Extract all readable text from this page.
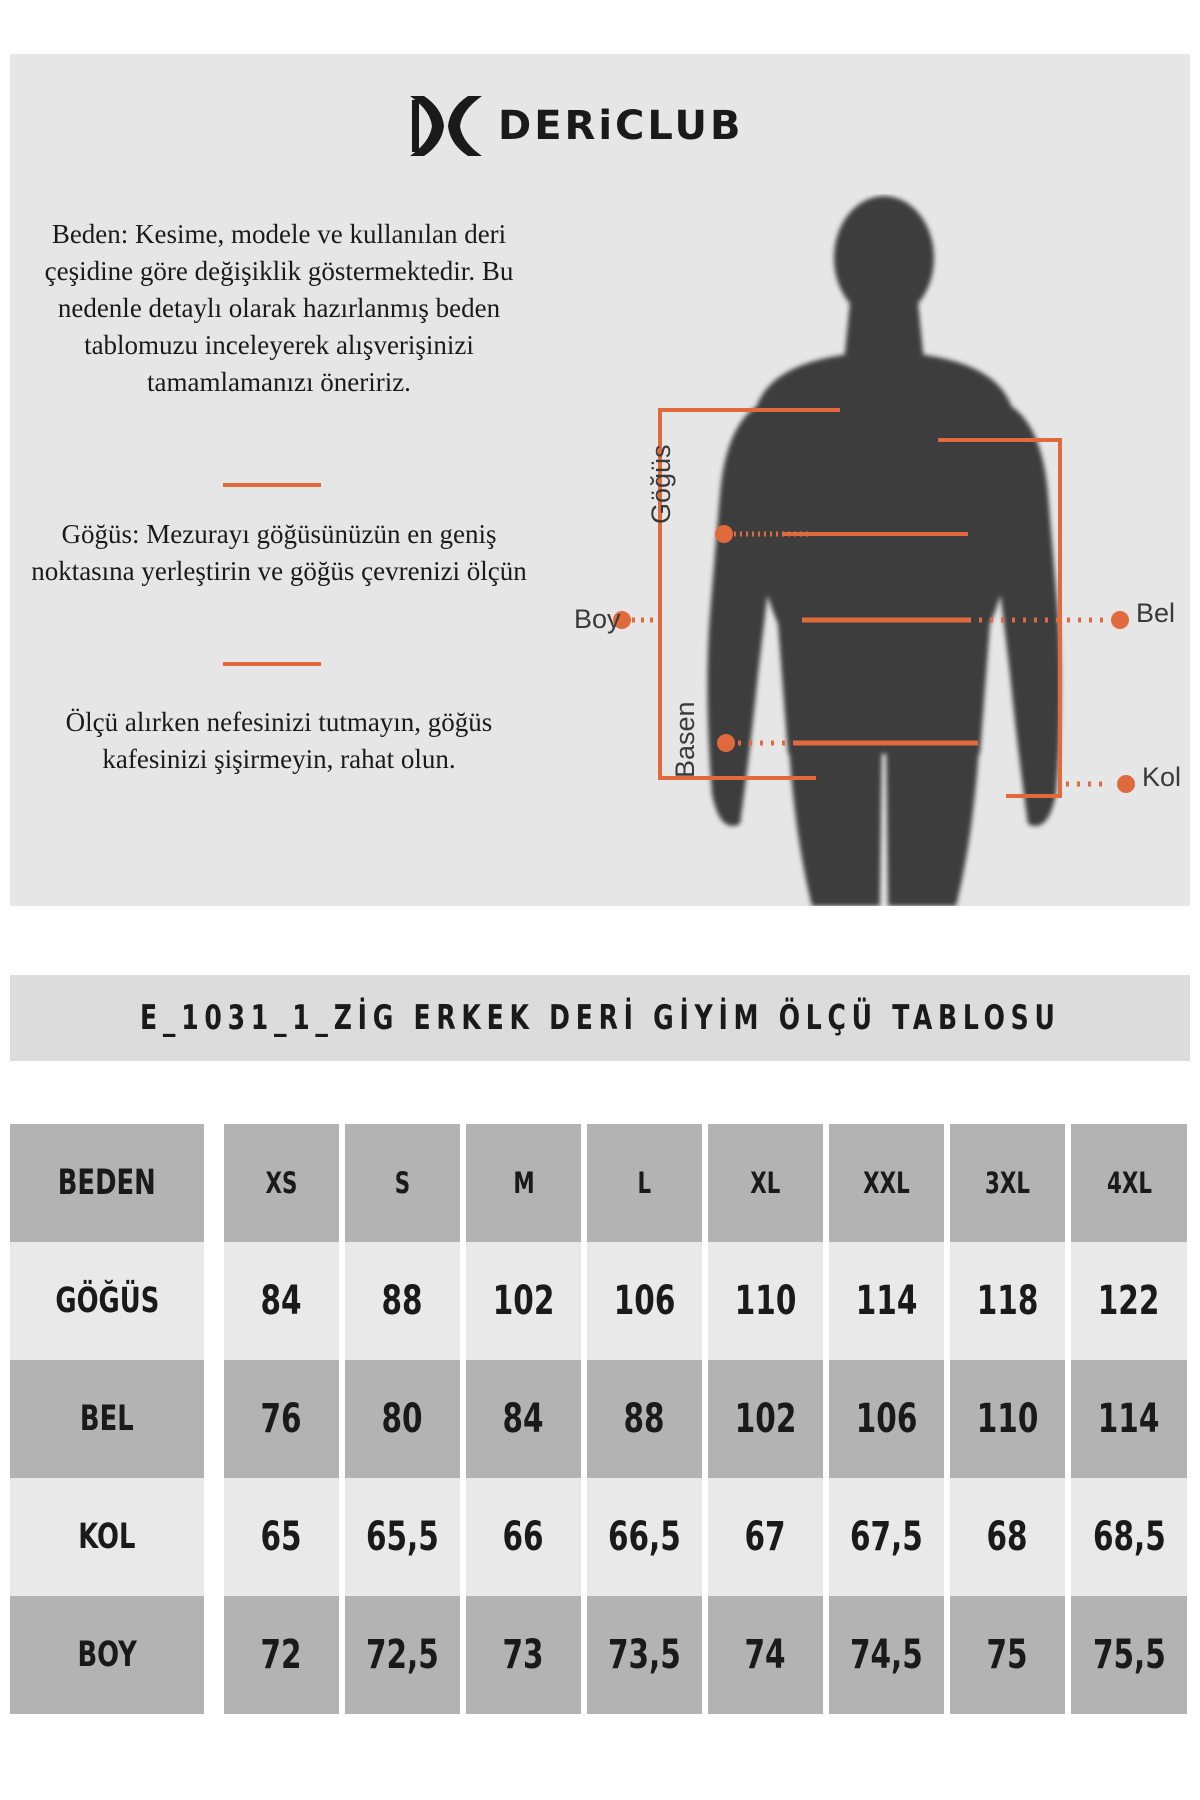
DERiCLUB
Beden: Kesime, modele ve kullanılan deri çeşidine göre değişiklik göstermektedir. Bu nedenle detaylı olarak hazırlanmış beden tablomuzu inceleyerek alışverişinizi tamamlamanızı öneririz.
Göğüs: Mezurayı göğüsünüzün en geniş noktasına yerleştirin ve göğüs çevrenizi ölçün
Ölçü alırken nefesinizi tutmayın, göğüs kafesinizi şişirmeyin, rahat olun.
Boy	Bel
Kol
Göğüs
Basen
E_1031_1_ZİG ERKEK DERİ GİYİM ÖLÇÜ TABLOSU
BEDEN	XS	S	M	L	XL	XXL	3XL	4XL
GÖĞÜS	84 88 102 106 110 114 118 122
BEL	76 80 84 88 102 106 110 114
KOL	65 65,5 66 66,5 67 67,5 68 68,5
BOY	72 72,5 73 73,5 74 74,5 75 75,5
